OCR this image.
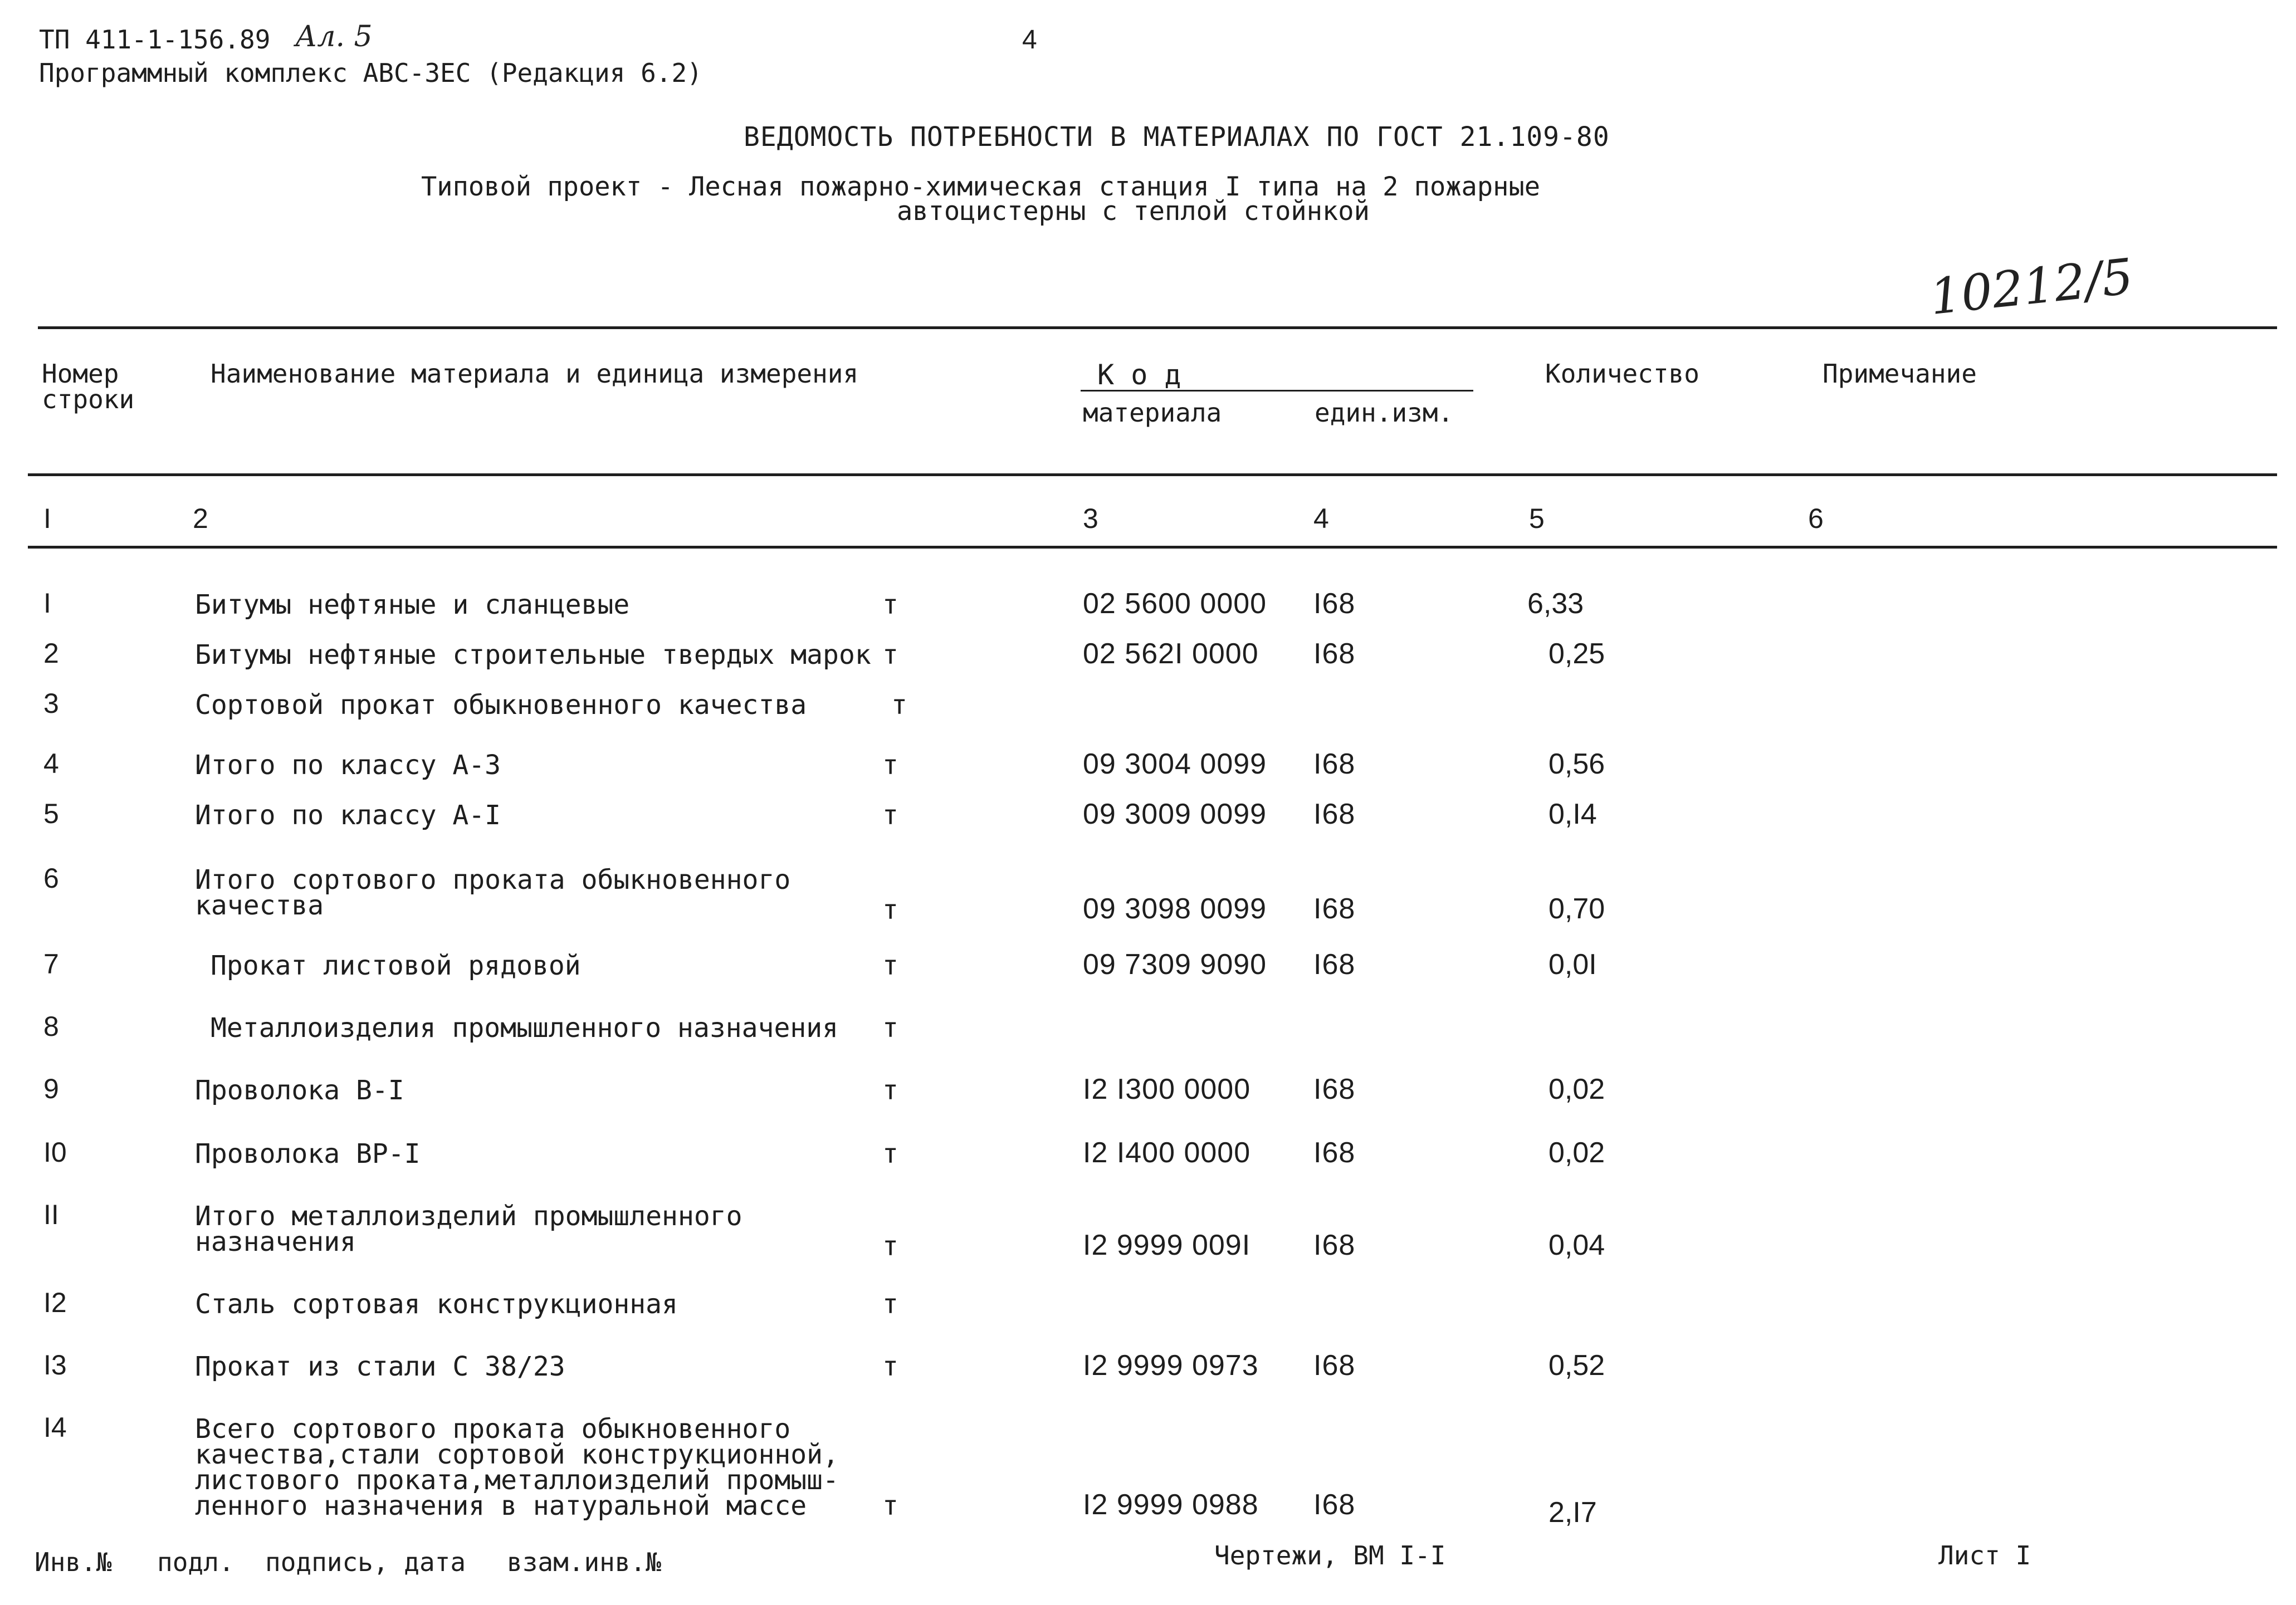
ТП 411-1-156.89 Ал. 5	4
Программный комплекс АВС-3ЕС (Редакция 6.2)
ВЕДОМОСТЬ ПОТРЕБНОСТИ В МАТЕРИАЛАХ ПО ГОСТ 21.109-80
Типовой проект - Лесная пожарно-химическая станция I типа на 2 пожарные
автоцистерны с теплой стойнкой
10212/5
Номер
строки
Наименование материала и единица измерения	К о д
материала	един.изм.
Количество	Примечание
I	2	3	4	5	6
I	Битумы нефтяные и сланцевые	т	02 5600 0000 I68	6,33
2	Битумы нефтяные строительные твердых марок т	02 562I 0000 I68	0,25
3	Сортовой прокат обыкновенного качества	т
4	Итого по классу А-3	т	09 3004 0099 I68	0,56
5	Итого по классу А-I	т	09 3009 0099 I68	0,I4
6	Итого сортового проката обыкновенного
качества	т	09 3098 0099 I68	0,70
7	Прокат листовой рядовой	т	09 7309 9090 I68	0,0I
8	Металлоизделия промышленного назначения т
9	Проволока В-I	т	I2 I300 0000 I68	0,02
I0	Проволока ВР-I	т	I2 I400 0000 I68	0,02
II	Итого металлоизделий промышленного
назначения	т	I2 9999 009I I68	0,04
I2	Сталь сортовая конструкционная	т
I3	Прокат из стали С 38/23	т	I2 9999 0973 I68	0,52
I4	Всего сортового проката обыкновенного
качества,стали сортовой конструкционной,
листового проката,металлоизделий промыш-
ленного назначения в натуральной массе	т	I2 9999 0988 I68	2,I7
Инв.№ подл. подпись, дата взам.инв.№	Чертежи, ВМ I-I	Лист I
